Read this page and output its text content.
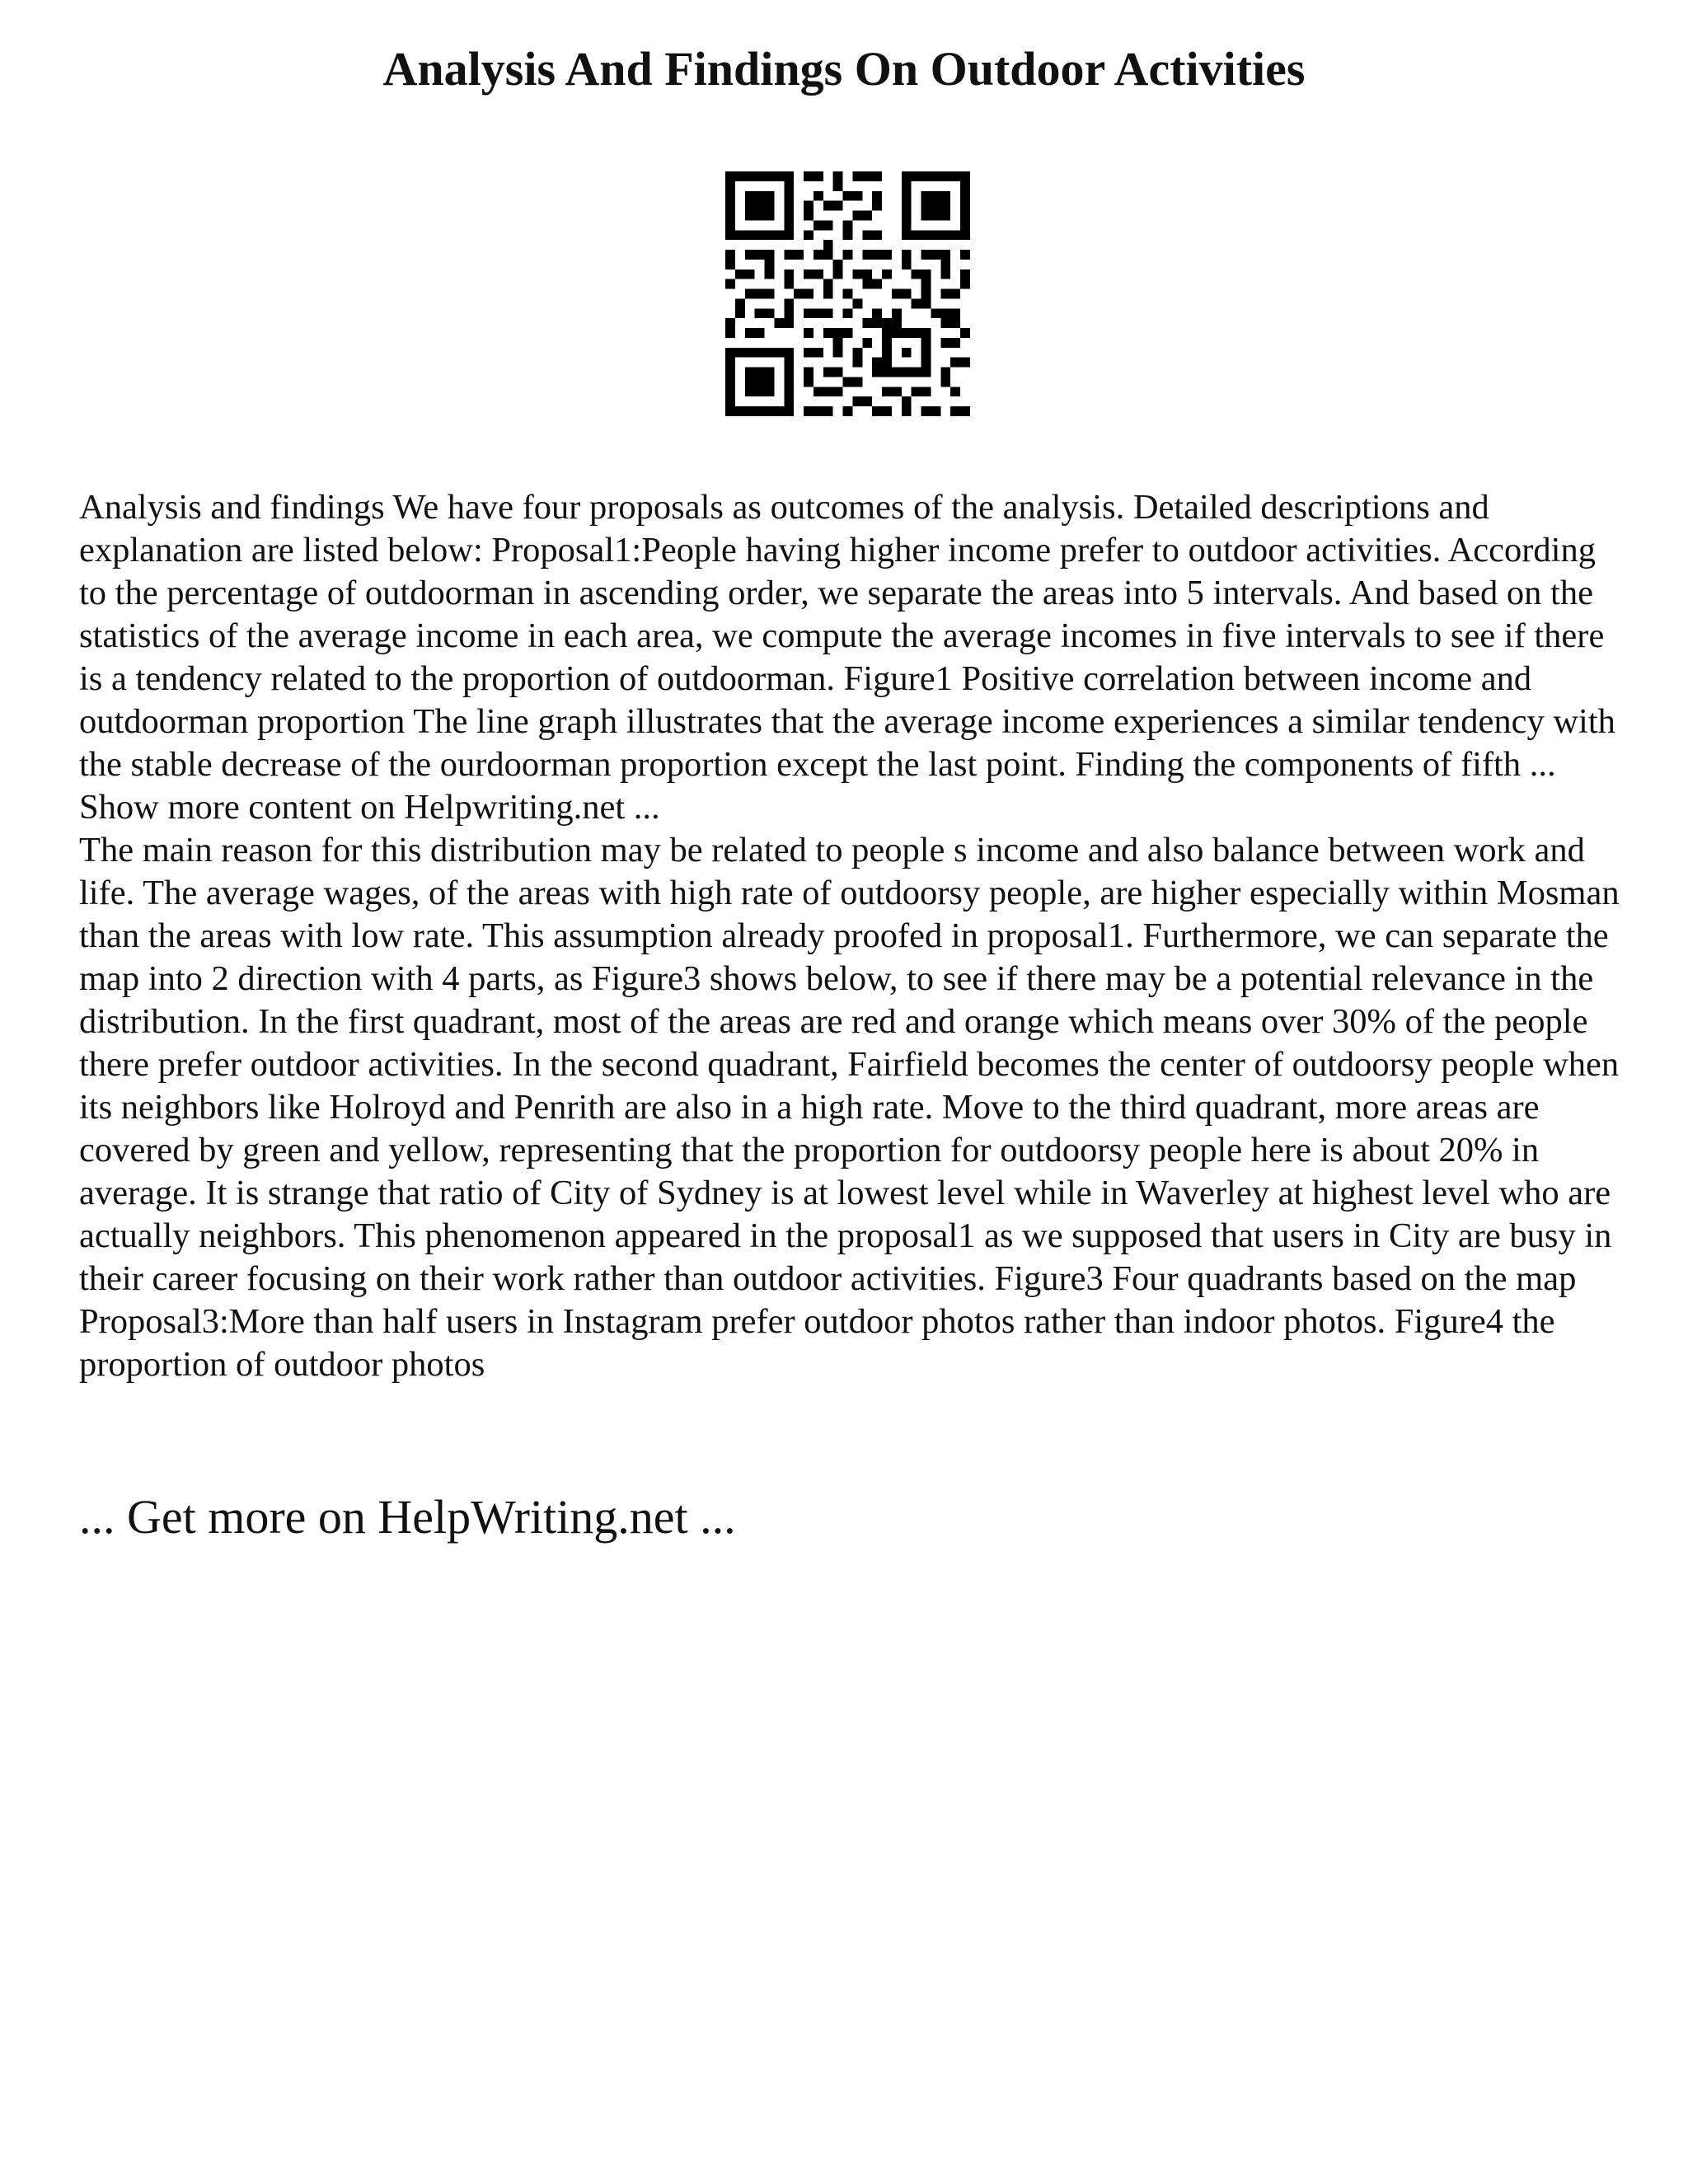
Analysis And Findings On Outdoor Activities

Analysis and findings We have four proposals as outcomes of the analysis. Detailed descriptions and explanation are listed below: Proposal1:People having higher income prefer to outdoor activities. According to the percentage of outdoorman in ascending order, we separate the areas into 5 intervals. And based on the statistics of the average income in each area, we compute the average incomes in five intervals to see if there is a tendency related to the proportion of outdoorman. Figure1 Positive correlation between income and outdoorman proportion The line graph illustrates that the average income experiences a similar tendency with the stable decrease of the ourdoorman proportion except the last point. Finding the components of fifth ... Show more content on Helpwriting.net ...
The main reason for this distribution may be related to people s income and also balance between work and life. The average wages, of the areas with high rate of outdoorsy people, are higher especially within Mosman than the areas with low rate. This assumption already proofed in proposal1. Furthermore, we can separate the map into 2 direction with 4 parts, as Figure3 shows below, to see if there may be a potential relevance in the distribution. In the first quadrant, most of the areas are red and orange which means over 30% of the people there prefer outdoor activities. In the second quadrant, Fairfield becomes the center of outdoorsy people when its neighbors like Holroyd and Penrith are also in a high rate. Move to the third quadrant, more areas are covered by green and yellow, representing that the proportion for outdoorsy people here is about 20% in average. It is strange that ratio of City of Sydney is at lowest level while in Waverley at highest level who are actually neighbors. This phenomenon appeared in the proposal1 as we supposed that users in City are busy in their career focusing on their work rather than outdoor activities. Figure3 Four quadrants based on the map Proposal3:More than half users in Instagram prefer outdoor photos rather than indoor photos. Figure4 the proportion of outdoor photos

... Get more on HelpWriting.net ...
